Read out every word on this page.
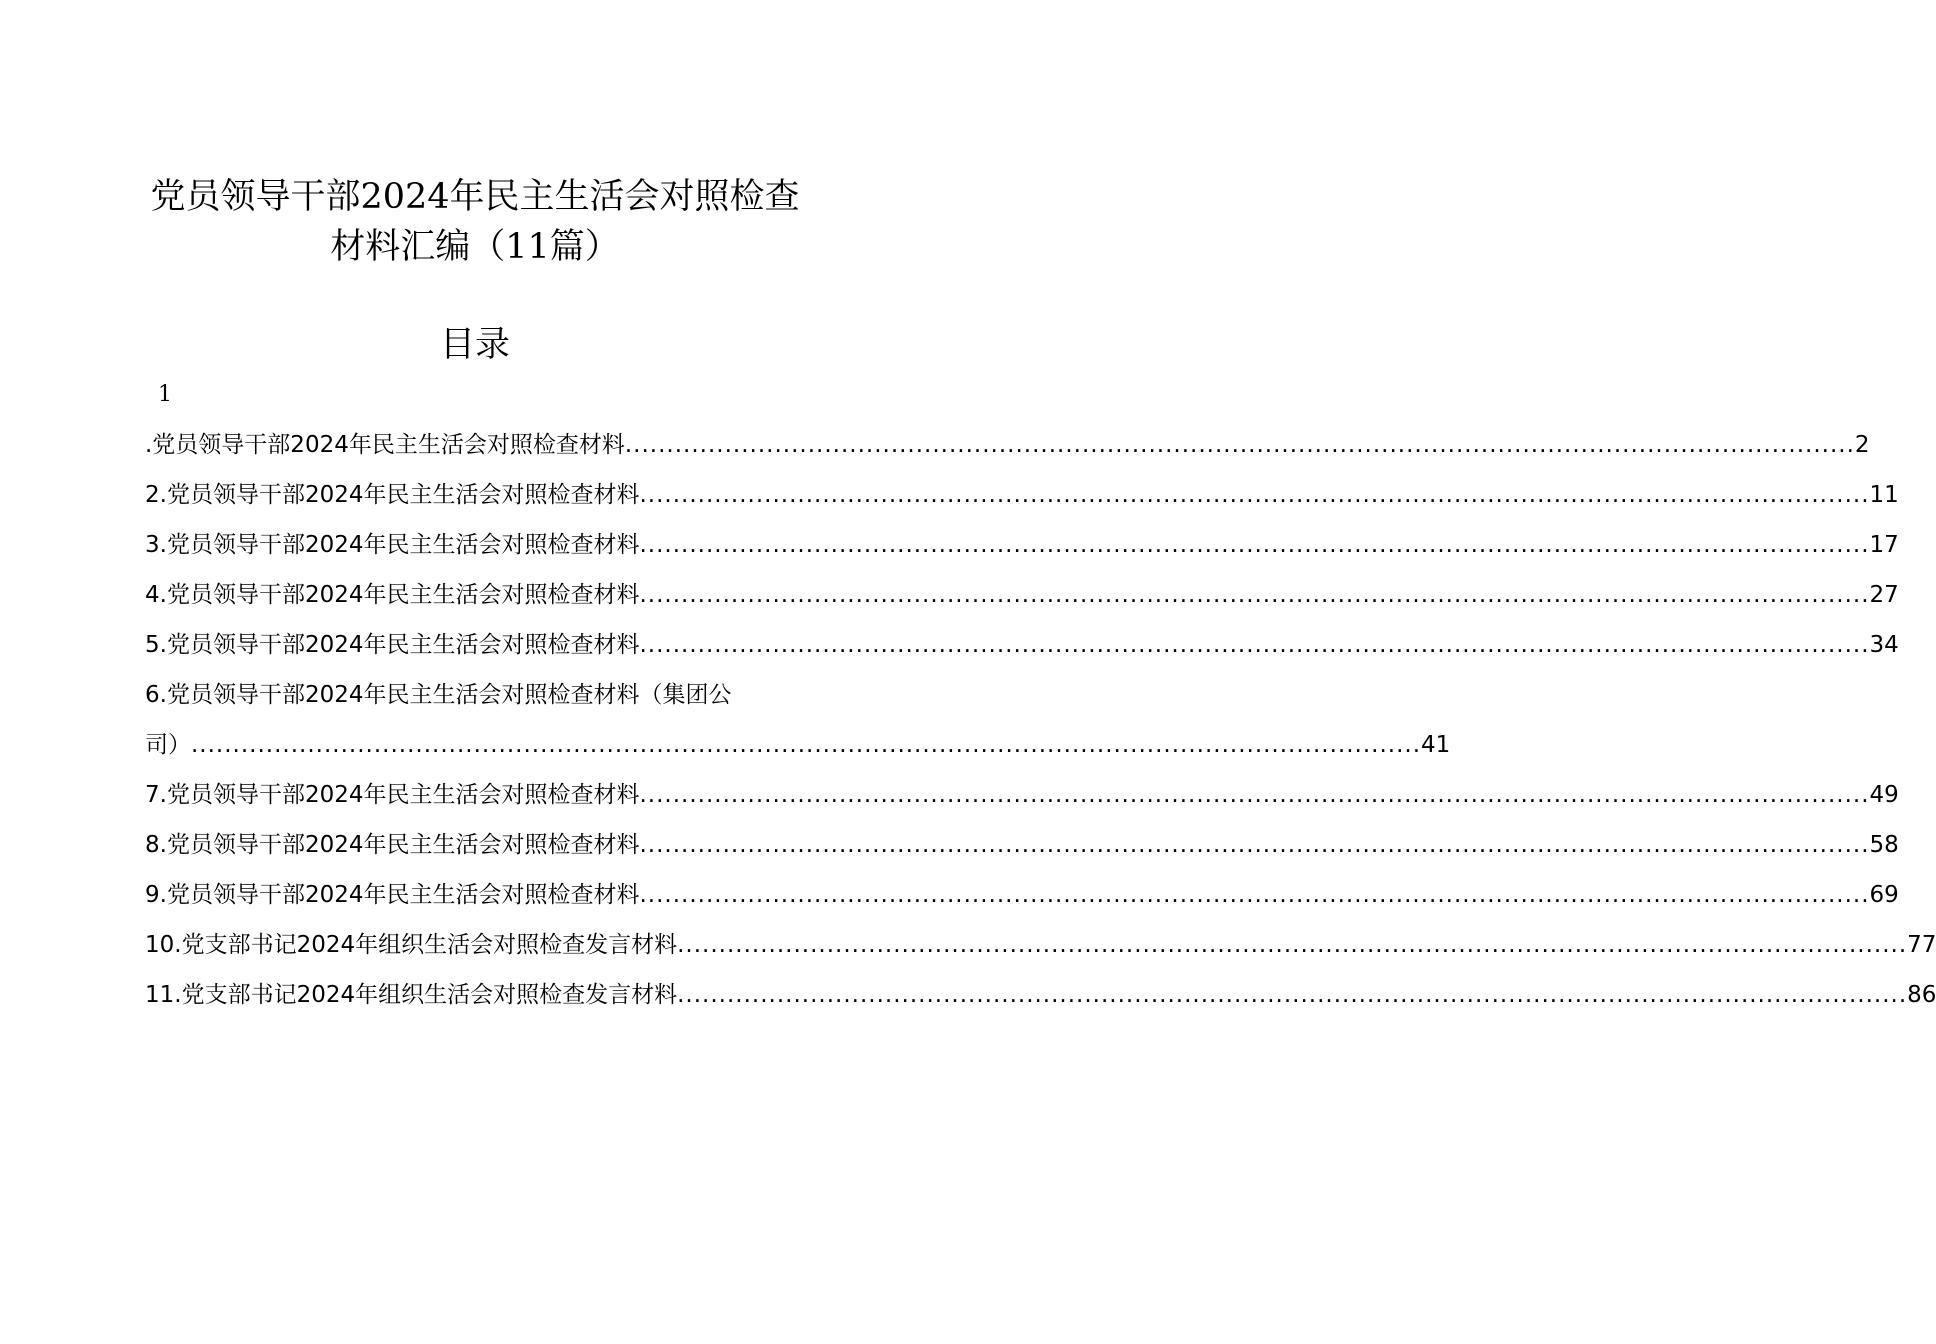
党员领导干部2024年民主生活会对照检查
材料汇编（11篇）
目录
1
.党员领导干部2024年民主生活会对照检查材料 .....	2
2.党员领导干部2024年民主生活会对照检查材料 .....	11
3.党员领导干部2024年民主生活会对照检查材料 .....	17
4.党员领导干部2024年民主生活会对照检查材料 .....	27
5.党员领导干部2024年民主生活会对照检查材料 .....	34
6.党员领导干部2024年民主生活会对照检查材料（集团公
司） .....	41
7.党员领导干部2024年民主生活会对照检查材料 .....	49
8.党员领导干部2024年民主生活会对照检查材料 .....	58
9.党员领导干部2024年民主生活会对照检查材料 .....	69
10.党支部书记2024年组织生活会对照检查发言材料 .....	77
11.党支部书记2024年组织生活会对照检查发言材料 .....	86
